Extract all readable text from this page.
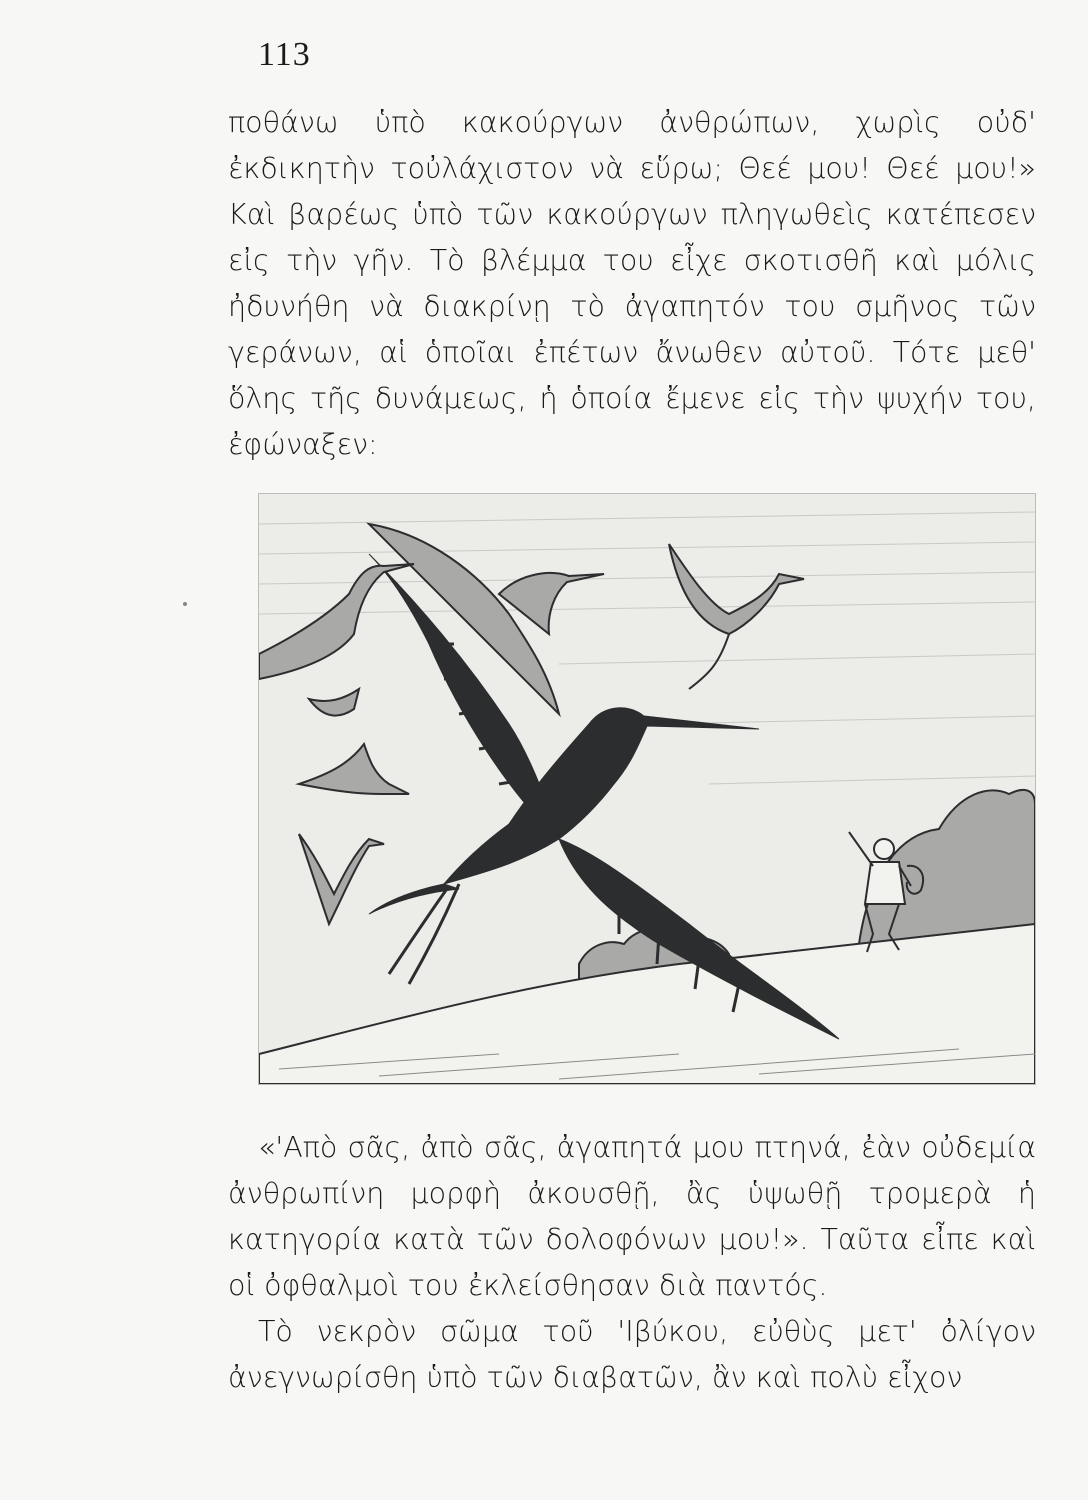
113

ποθάνω ὑπὸ κακούργων ἀνθρώπων, χωρὶς οὐδ' ἐκδικητὴν τοὐλάχιστον νὰ εὕρω; Θεέ μου! Θεέ μου!» Καὶ βαρέως ὑπὸ τῶν κακούργων πληγωθεὶς κατέπεσεν εἰς τὴν γῆν. Τὸ βλέμμα του εἶχε σκοτισθῆ καὶ μόλις ἠδυνήθη νὰ διακρίνῃ τὸ ἀγαπητόν του σμῆνος τῶν γεράνων, αἱ ὁποῖαι ἐπέτων ἄνωθεν αὐτοῦ. Τότε μεθ' ὅλης τῆς δυνάμεως, ἡ ὁποία ἔμενε εἰς τὴν ψυχήν του, ἐφώναξεν:

«'Απὸ σᾶς, ἀπὸ σᾶς, ἀγαπητά μου πτηνά, ἐὰν οὐδεμία ἀνθρωπίνη μορφὴ ἀκουσθῇ, ἂς ὑψωθῇ τρομερὰ ἡ κατηγορία κατὰ τῶν δολοφόνων μου!». Ταῦτα εἶπε καὶ οἱ ὀφθαλμοὶ του ἐκλείσθησαν διὰ παντός.

Τὸ νεκρὸν σῶμα τοῦ 'Ιβύκου, εὐθὺς μετ' ὀλίγον ἀνεγνωρίσθη ὑπὸ τῶν διαβατῶν, ἂν καὶ πολὺ εἶχον
